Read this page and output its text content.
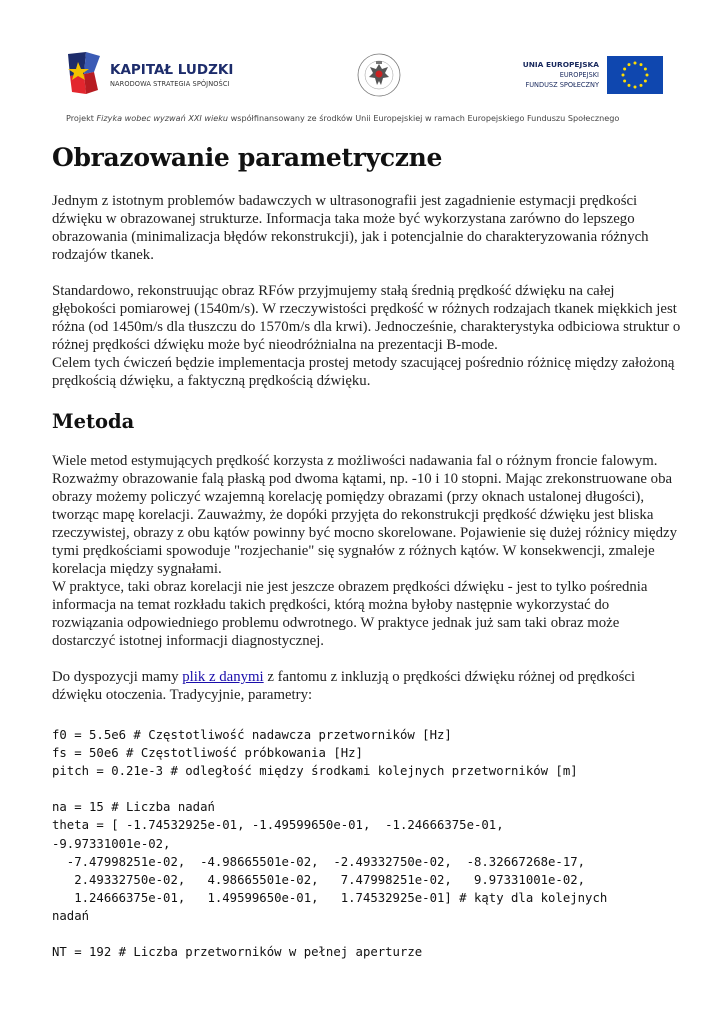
KAPITAŁ LUDZKI
NARODOWA STRATEGIA SPÓJNOŚCI
UNIA EUROPEJSKA
EUROPEJSKI
FUNDUSZ SPOŁECZNY
Projekt Fizyka wobec wyzwań XXI wieku współfinansowany ze środków Unii Europejskiej w ramach Europejskiego Funduszu Społecznego
Obrazowanie parametryczne

Jednym z istotnym problemów badawczych w ultrasonografii jest zagadnienie estymacji prędkości dźwięku w obrazowanej strukturze. Informacja taka może być wykorzystana zarówno do lepszego obrazowania (minimalizacja błędów rekonstrukcji), jak i potencjalnie do charakteryzowania różnych rodzajów tkanek.

Standardowo, rekonstruując obraz RFów przyjmujemy stałą średnią prędkość dźwięku na całej głębokości pomiarowej (1540m/s). W rzeczywistości prędkość w różnych rodzajach tkanek miękkich jest różna (od 1450m/s dla tłuszczu do 1570m/s dla krwi). Jednocześnie, charakterystyka odbiciowa struktur o różnej prędkości dźwięku może być nieodróżnialna na prezentacji B-mode.

Celem tych ćwiczeń będzie implementacja prostej metody szacującej pośrednio różnicę między założoną prędkością dźwięku, a faktyczną prędkością dźwięku.

Metoda

Wiele metod estymujących prędkość korzysta z możliwości nadawania fal o różnym froncie falowym. Rozważmy obrazowanie falą płaską pod dwoma kątami, np. -10 i 10 stopni. Mając zrekonstruowane oba obrazy możemy policzyć wzajemną korelację pomiędzy obrazami (przy oknach ustalonej długości), tworząc mapę korelacji. Zauważmy, że dopóki przyjęta do rekonstrukcji prędkość dźwięku jest bliska rzeczywistej, obrazy z obu kątów powinny być mocno skorelowane. Pojawienie się dużej różnicy między tymi prędkościami spowoduje "rozjechanie" się sygnałów z różnych kątów. W konsekwencji, zmaleje korelacja między sygnałami.

W praktyce, taki obraz korelacji nie jest jeszcze obrazem prędkości dźwięku - jest to tylko pośrednia informacja na temat rozkładu takich prędkości, którą można byłoby następnie wykorzystać do rozwiązania odpowiedniego problemu odwrotnego. W praktyce jednak już sam taki obraz może dostarczyć istotnej informacji diagnostycznej.

Do dyspozycji mamy plik z danymi z fantomu z inkluzją o prędkości dźwięku różnej od prędkości dźwięku otoczenia. Tradycyjnie, parametry:

f0 = 5.5e6 # Częstotliwość nadawcza przetworników [Hz]
fs = 50e6 # Częstotliwość próbkowania [Hz]
pitch = 0.21e-3 # odległość między środkami kolejnych przetworników [m]

na = 15 # Liczba nadań
theta = [ -1.74532925e-01, -1.49599650e-01,  -1.24666375e-01,
-9.97331001e-02,
-7.47998251e-02,  -4.98665501e-02,  -2.49332750e-02,  -8.32667268e-17,
2.49332750e-02,   4.98665501e-02,   7.47998251e-02,   9.97331001e-02,
1.24666375e-01,   1.49599650e-01,   1.74532925e-01] # kąty dla kolejnych
nadań

NT = 192 # Liczba przetworników w pełnej aperturze
